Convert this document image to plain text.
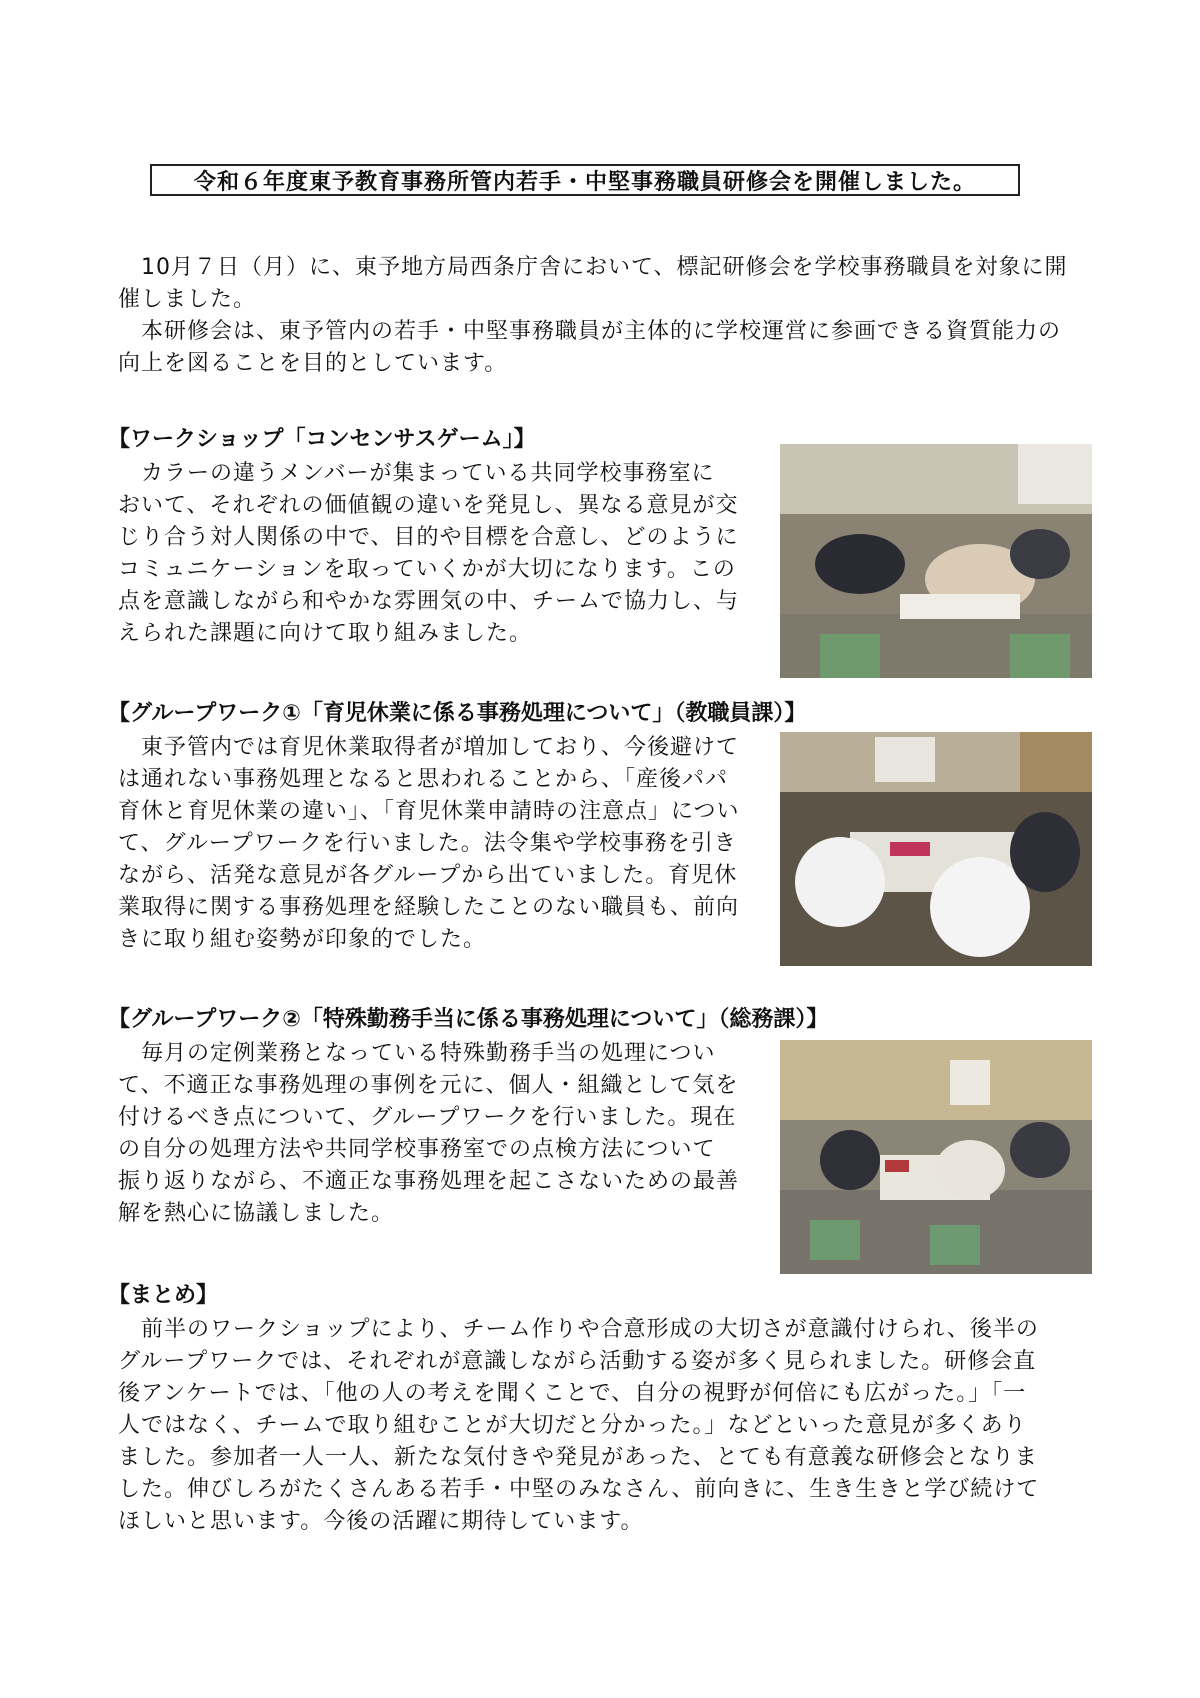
令和６年度東予教育事務所管内若手・中堅事務職員研修会を開催しました。
　10月７日（月）に、東予地方局西条庁舎において、標記研修会を学校事務職員を対象に開
催しました。
　本研修会は、東予管内の若手・中堅事務職員が主体的に学校運営に参画できる資質能力の
向上を図ることを目的としています。
【ワークショップ「コンセンサスゲーム」】
　カラーの違うメンバーが集まっている共同学校事務室に
おいて、それぞれの価値観の違いを発見し、異なる意見が交
じり合う対人関係の中で、目的や目標を合意し、どのように
コミュニケーションを取っていくかが大切になります。この
点を意識しながら和やかな雰囲気の中、チームで協力し、与
えられた課題に向けて取り組みました。
【グループワーク①「育児休業に係る事務処理について」（教職員課）】
　東予管内では育児休業取得者が増加しており、今後避けて
は通れない事務処理となると思われることから、「産後パパ
育休と育児休業の違い」、「育児休業申請時の注意点」につい
て、グループワークを行いました。法令集や学校事務を引き
ながら、活発な意見が各グループから出ていました。育児休
業取得に関する事務処理を経験したことのない職員も、前向
きに取り組む姿勢が印象的でした。
【グループワーク②「特殊勤務手当に係る事務処理について」（総務課）】
　毎月の定例業務となっている特殊勤務手当の処理につい
て、不適正な事務処理の事例を元に、個人・組織として気を
付けるべき点について、グループワークを行いました。現在
の自分の処理方法や共同学校事務室での点検方法について
振り返りながら、不適正な事務処理を起こさないための最善
解を熱心に協議しました。
【まとめ】
　前半のワークショップにより、チーム作りや合意形成の大切さが意識付けられ、後半の
グループワークでは、それぞれが意識しながら活動する姿が多く見られました。研修会直
後アンケートでは、「他の人の考えを聞くことで、自分の視野が何倍にも広がった。」「一
人ではなく、チームで取り組むことが大切だと分かった。」などといった意見が多くあり
ました。参加者一人一人、新たな気付きや発見があった、とても有意義な研修会となりま
した。伸びしろがたくさんある若手・中堅のみなさん、前向きに、生き生きと学び続けて
ほしいと思います。今後の活躍に期待しています。
